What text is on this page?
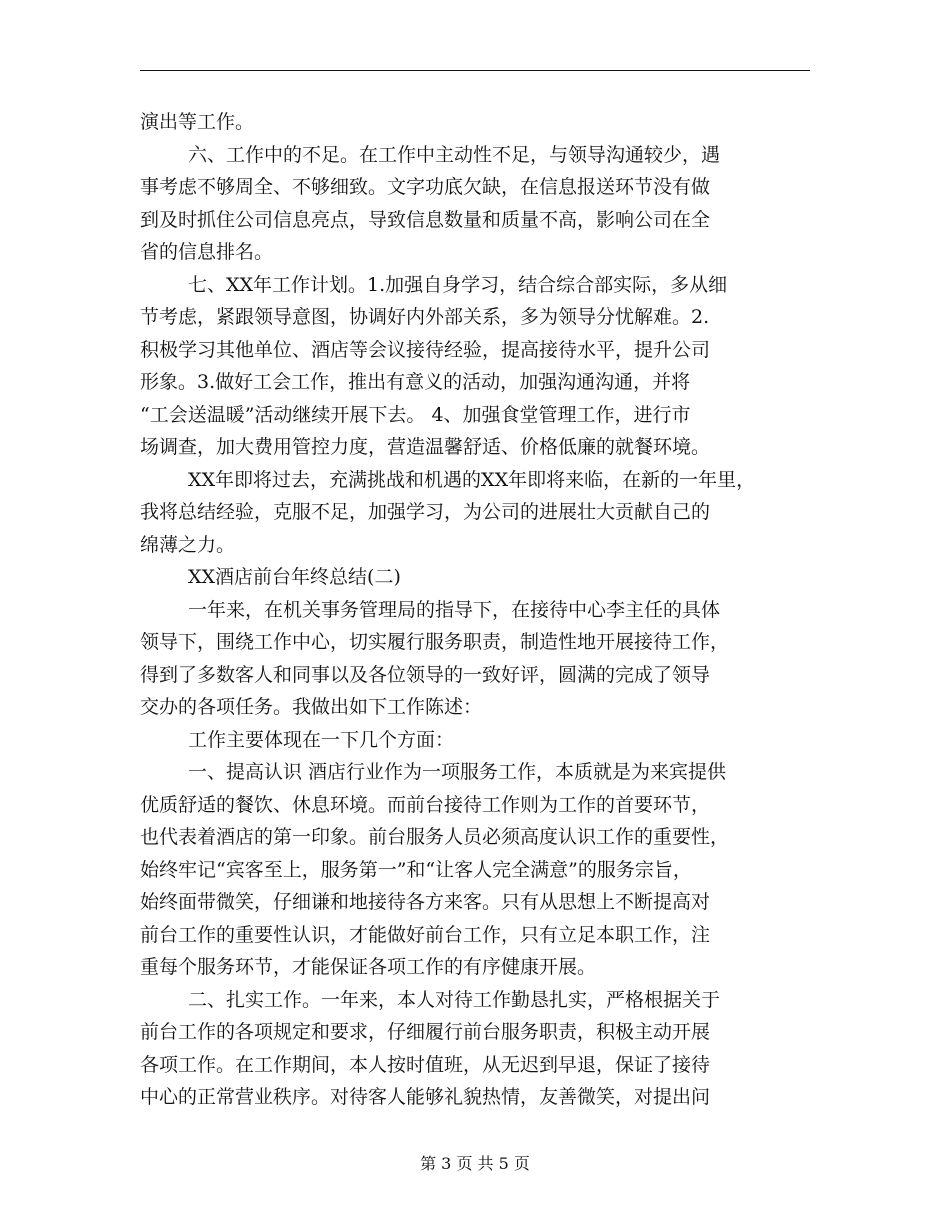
演出等工作。
六、工作中的不足。在工作中主动性不足，与领导沟通较少，遇
事考虑不够周全、不够细致。文字功底欠缺，在信息报送环节没有做
到及时抓住公司信息亮点，导致信息数量和质量不高，影响公司在全
省的信息排名。
七、XX年工作计划。1.加强自身学习，结合综合部实际，多从细
节考虑，紧跟领导意图，协调好内外部关系，多为领导分忧解难。2.
积极学习其他单位、酒店等会议接待经验，提高接待水平，提升公司
形象。3.做好工会工作，推出有意义的活动，加强沟通沟通，并将
“工会送温暖”活动继续开展下去。 4、加强食堂管理工作，进行市
场调查，加大费用管控力度，营造温馨舒适、价格低廉的就餐环境。
XX年即将过去，充满挑战和机遇的XX年即将来临，在新的一年里，
我将总结经验，克服不足，加强学习，为公司的进展壮大贡献自己的
绵薄之力。
XX酒店前台年终总结(二)
一年来，在机关事务管理局的指导下，在接待中心李主任的具体
领导下，围绕工作中心，切实履行服务职责，制造性地开展接待工作，
得到了多数客人和同事以及各位领导的一致好评，圆满的完成了领导
交办的各项任务。我做出如下工作陈述：
工作主要体现在一下几个方面：
一、提高认识 酒店行业作为一项服务工作，本质就是为来宾提供
优质舒适的餐饮、休息环境。而前台接待工作则为工作的首要环节，
也代表着酒店的第一印象。前台服务人员必须高度认识工作的重要性，
始终牢记“宾客至上，服务第一”和“让客人完全满意”的服务宗旨，
始终面带微笑，仔细谦和地接待各方来客。只有从思想上不断提高对
前台工作的重要性认识，才能做好前台工作，只有立足本职工作，注
重每个服务环节，才能保证各项工作的有序健康开展。
二、扎实工作。一年来，本人对待工作勤恳扎实，严格根据关于
前台工作的各项规定和要求，仔细履行前台服务职责，积极主动开展
各项工作。在工作期间，本人按时值班，从无迟到早退，保证了接待
中心的正常营业秩序。对待客人能够礼貌热情，友善微笑，对提出问
第 3 页 共 5 页
